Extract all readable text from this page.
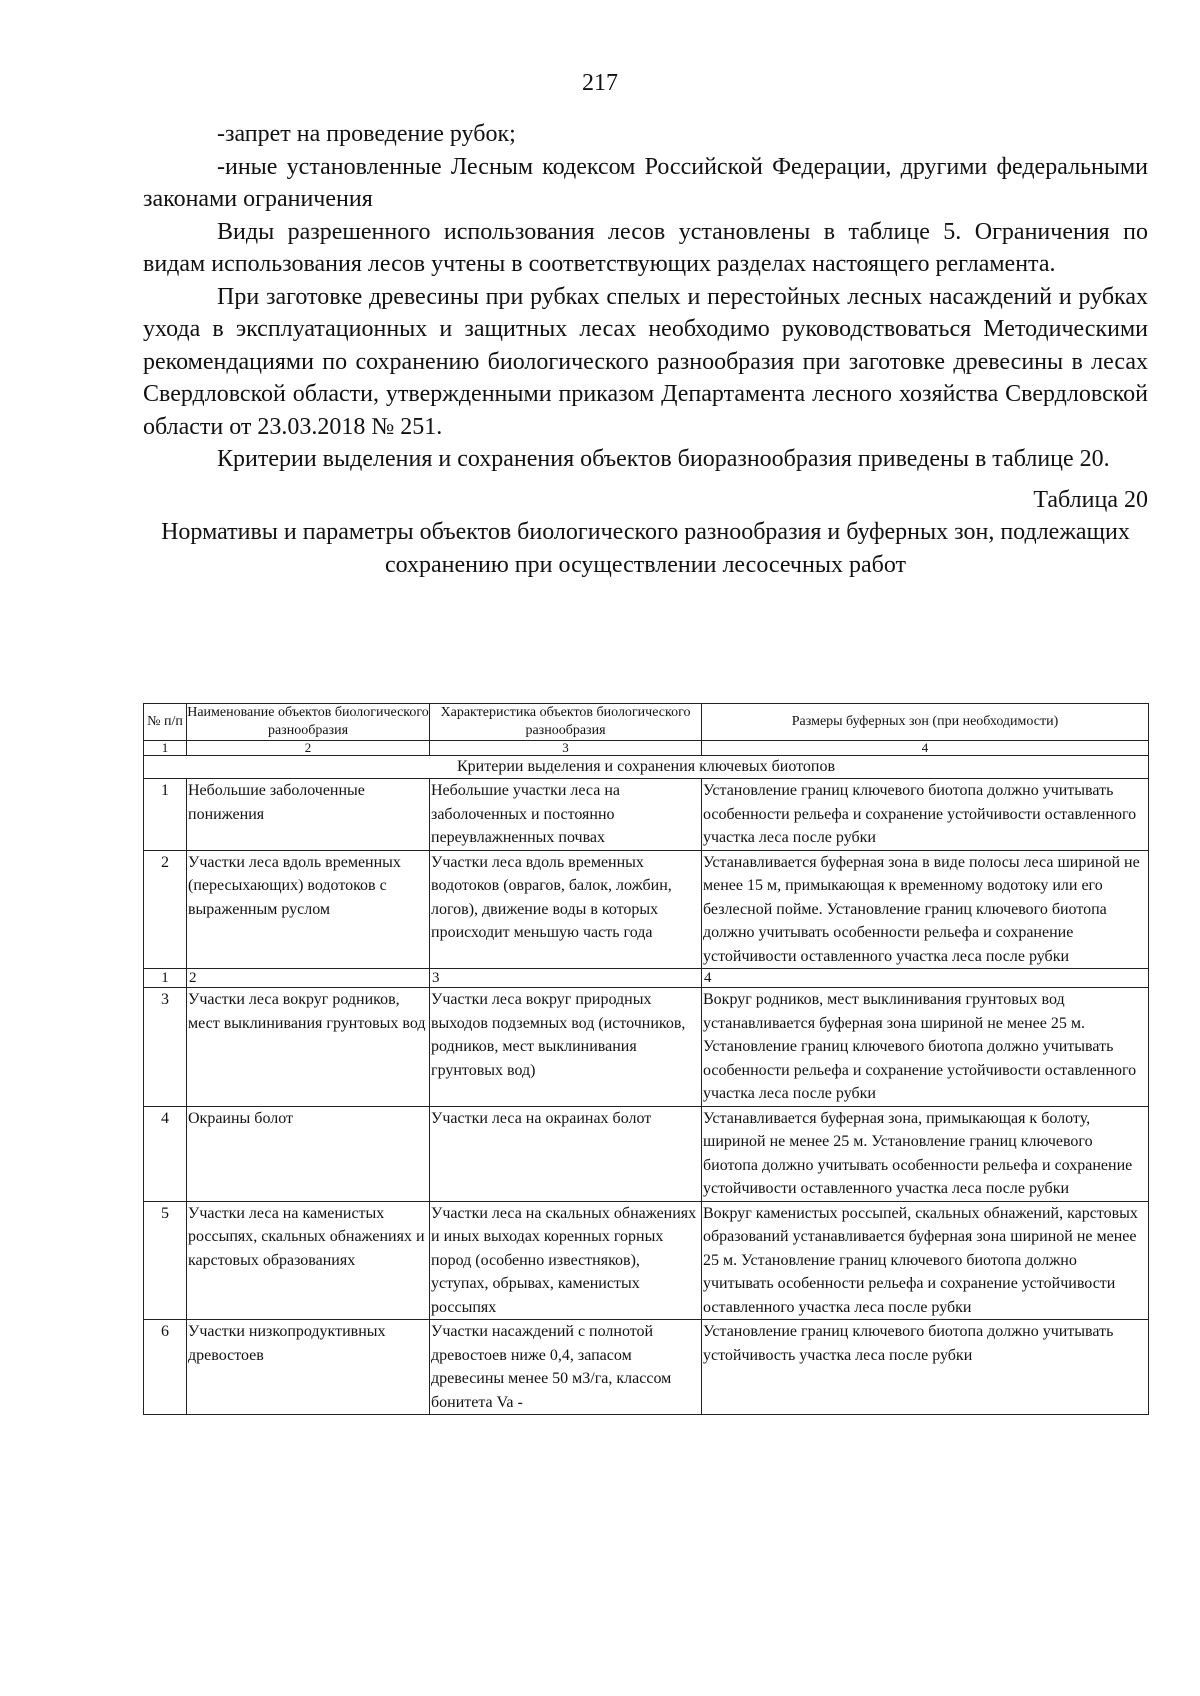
217

-запрет на проведение рубок;

-иные установленные Лесным кодексом Российской Федерации, другими федеральными законами ограничения

Виды разрешенного использования лесов установлены в таблице 5. Ограничения по видам использования лесов учтены в соответствующих разделах настоящего регламента.

При заготовке древесины при рубках спелых и перестойных лесных насаждений и рубках ухода в эксплуатационных и защитных лесах необходимо руководствоваться Методическими рекомендациями по сохранению биологического разнообразия при заготовке древесины в лесах Свердловской области, утвержденными приказом Департамента лесного хозяйства Свердловской области от 23.03.2018 № 251.

Критерии выделения и сохранения объектов биоразнообразия приведены в таблице 20.

Таблица 20

Нормативы и параметры объектов биологического разнообразия и буферных зон, подлежащих сохранению при осуществлении лесосечных работ

№ п/п	Наименование объектов биологического разнообразия	Характеристика объектов биологического разнообразия	Размеры буферных зон (при необходимости)
1	2	3	4
Критерии выделения и сохранения ключевых биотопов			
1	Небольшие заболоченные понижения	Небольшие участки леса на заболоченных и постоянно переувлажненных почвах	Установление границ ключевого биотопа должно учитывать особенности рельефа и сохранение устойчивости оставленного участка леса после рубки
2	Участки леса вдоль временных (пересыхающих) водотоков с выраженным руслом	Участки леса вдоль временных водотоков (оврагов, балок, ложбин, логов), движение воды в которых происходит меньшую часть года	Устанавливается буферная зона в виде полосы леса шириной не менее 15 м, примыкающая к временному водотоку или его безлесной пойме. Установление границ ключевого биотопа должно учитывать особенности рельефа и сохранение устойчивости оставленного участка леса после рубки
1	2	3	4
3	Участки леса вокруг родников, мест выклинивания грунтовых вод	Участки леса вокруг природных выходов подземных вод (источников, родников, мест выклинивания грунтовых вод)	Вокруг родников, мест выклинивания грунтовых вод устанавливается буферная зона шириной не менее 25 м. Установление границ ключевого биотопа должно учитывать особенности рельефа и сохранение устойчивости оставленного участка леса после рубки
4	Окраины болот	Участки леса на окраинах болот	Устанавливается буферная зона, примыкающая к болоту, шириной не менее 25 м. Установление границ ключевого биотопа должно учитывать особенности рельефа и сохранение устойчивости оставленного участка леса после рубки
5	Участки леса на каменистых россыпях, скальных обнажениях и карстовых образованиях	Участки леса на скальных обнажениях и иных выходах коренных горных пород (особенно известняков), уступах, обрывах, каменистых россыпях	Вокруг каменистых россыпей, скальных обнажений, карстовых образований устанавливается буферная зона шириной не менее 25 м. Установление границ ключевого биотопа должно учитывать особенности рельефа и сохранение устойчивости оставленного участка леса после рубки
6	Участки низкопродуктивных древостоев	Участки насаждений с полнотой древостоев ниже 0,4, запасом древесины менее 50 м3/га, классом бонитета Va -	Установление границ ключевого биотопа должно учитывать устойчивость участка леса после рубки
